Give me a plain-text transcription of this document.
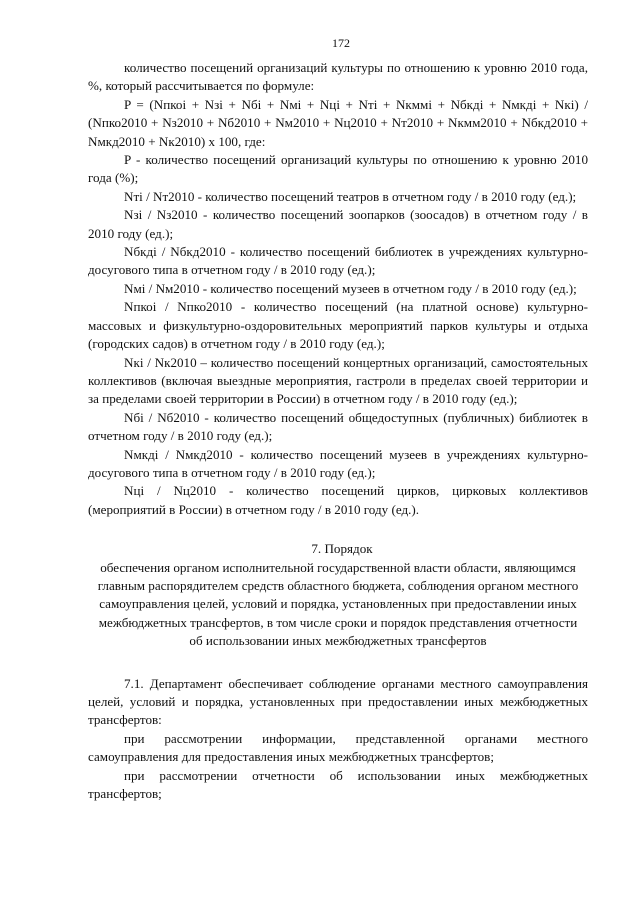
172

количество посещений организаций культуры по отношению к уровню 2010 года, %, который рассчитывается по формуле:

P = (Nпкоі + Nзі + Nбі + Nмі + Nці + Nті + Nкммі + Nбкді + Nмкді + Nкі) / (Nпко2010 + Nз2010 + Nб2010 + Nм2010 + Nц2010 + Nт2010 + Nкмм2010 + Nбкд2010 + Nмкд2010 + Nк2010) x 100, где:

P - количество посещений организаций культуры по отношению к уровню 2010 года (%);

Nті / Nт2010 - количество посещений театров в отчетном году / в 2010 году (ед.);

Nзі / Nз2010 - количество посещений зоопарков (зоосадов) в отчетном году / в 2010 году (ед.);

Nбкді / Nбкд2010 - количество посещений библиотек в учреждениях культурно-досугового типа в отчетном году / в 2010 году (ед.);

Nмі / Nм2010 - количество посещений музеев в отчетном году / в 2010 году (ед.);

Nпкоі / Nпко2010 - количество посещений (на платной основе) культурно-массовых и физкультурно-оздоровительных мероприятий парков культуры и отдыха (городских садов) в отчетном году / в 2010 году (ед.);

Nкі / Nк2010 – количество посещений концертных организаций, самостоятельных коллективов (включая выездные мероприятия, гастроли в пределах своей территории и за пределами своей территории в России) в отчетном году / в 2010 году (ед.);

Nбі / Nб2010 - количество посещений общедоступных (публичных) библиотек в отчетном году / в 2010 году (ед.);

Nмкді / Nмкд2010 - количество посещений музеев в учреждениях культурно-досугового типа в отчетном году / в 2010 году (ед.);

Nці / Nц2010 - количество посещений цирков, цирковых коллективов (мероприятий в России) в отчетном году / в 2010 году (ед.).

7. Порядок
обеспечения органом исполнительной государственной власти области, являющимся главным распорядителем средств областного бюджета, соблюдения органом местного самоуправления целей, условий и порядка, установленных при предоставлении иных межбюджетных трансфертов, в том числе сроки и порядок представления отчетности об использовании иных межбюджетных трансфертов

7.1. Департамент обеспечивает соблюдение органами местного самоуправления целей, условий и порядка, установленных при предоставлении иных межбюджетных трансфертов:

при рассмотрении информации, представленной органами местного самоуправления для предоставления иных межбюджетных трансфертов;

при рассмотрении отчетности об использовании иных межбюджетных трансфертов;
